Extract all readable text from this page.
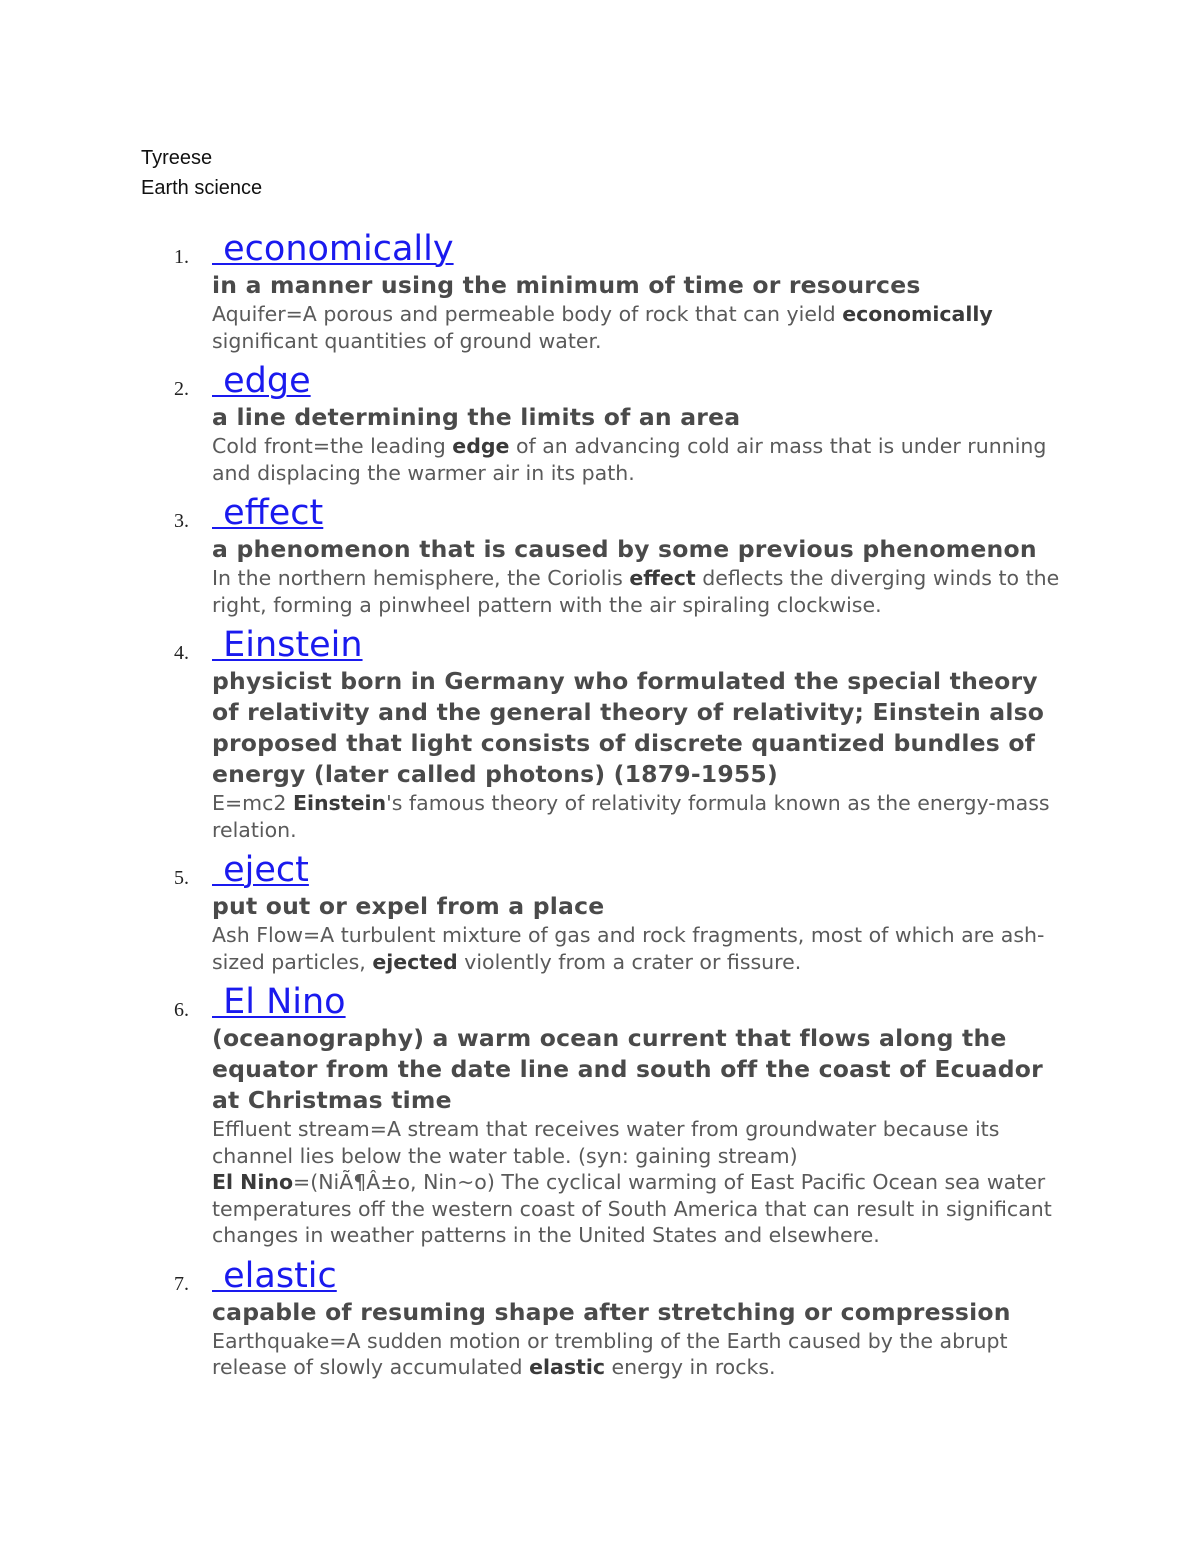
Tyreese
Earth science
1. economically
in a manner using the minimum of time or resources
Aquifer=A porous and permeable body of rock that can yield economically significant quantities of ground water.
2. edge
a line determining the limits of an area
Cold front=the leading edge of an advancing cold air mass that is under running and displacing the warmer air in its path.
3. effect
a phenomenon that is caused by some previous phenomenon
In the northern hemisphere, the Coriolis effect deflects the diverging winds to the right, forming a pinwheel pattern with the air spiraling clockwise.
4. Einstein
physicist born in Germany who formulated the special theory of relativity and the general theory of relativity; Einstein also proposed that light consists of discrete quantized bundles of energy (later called photons) (1879-1955)
E=mc2 Einstein's famous theory of relativity formula known as the energy-mass relation.
5. eject
put out or expel from a place
Ash Flow=A turbulent mixture of gas and rock fragments, most of which are ash-sized particles, ejected violently from a crater or fissure.
6. El Nino
(oceanography) a warm ocean current that flows along the equator from the date line and south off the coast of Ecuador at Christmas time
Effluent stream=A stream that receives water from groundwater because its channel lies below the water table. (syn: gaining stream)
El Nino=(NiÃ¶Â±o, Nin~o) The cyclical warming of East Pacific Ocean sea water temperatures off the western coast of South America that can result in significant changes in weather patterns in the United States and elsewhere.
7. elastic
capable of resuming shape after stretching or compression
Earthquake=A sudden motion or trembling of the Earth caused by the abrupt release of slowly accumulated elastic energy in rocks.
